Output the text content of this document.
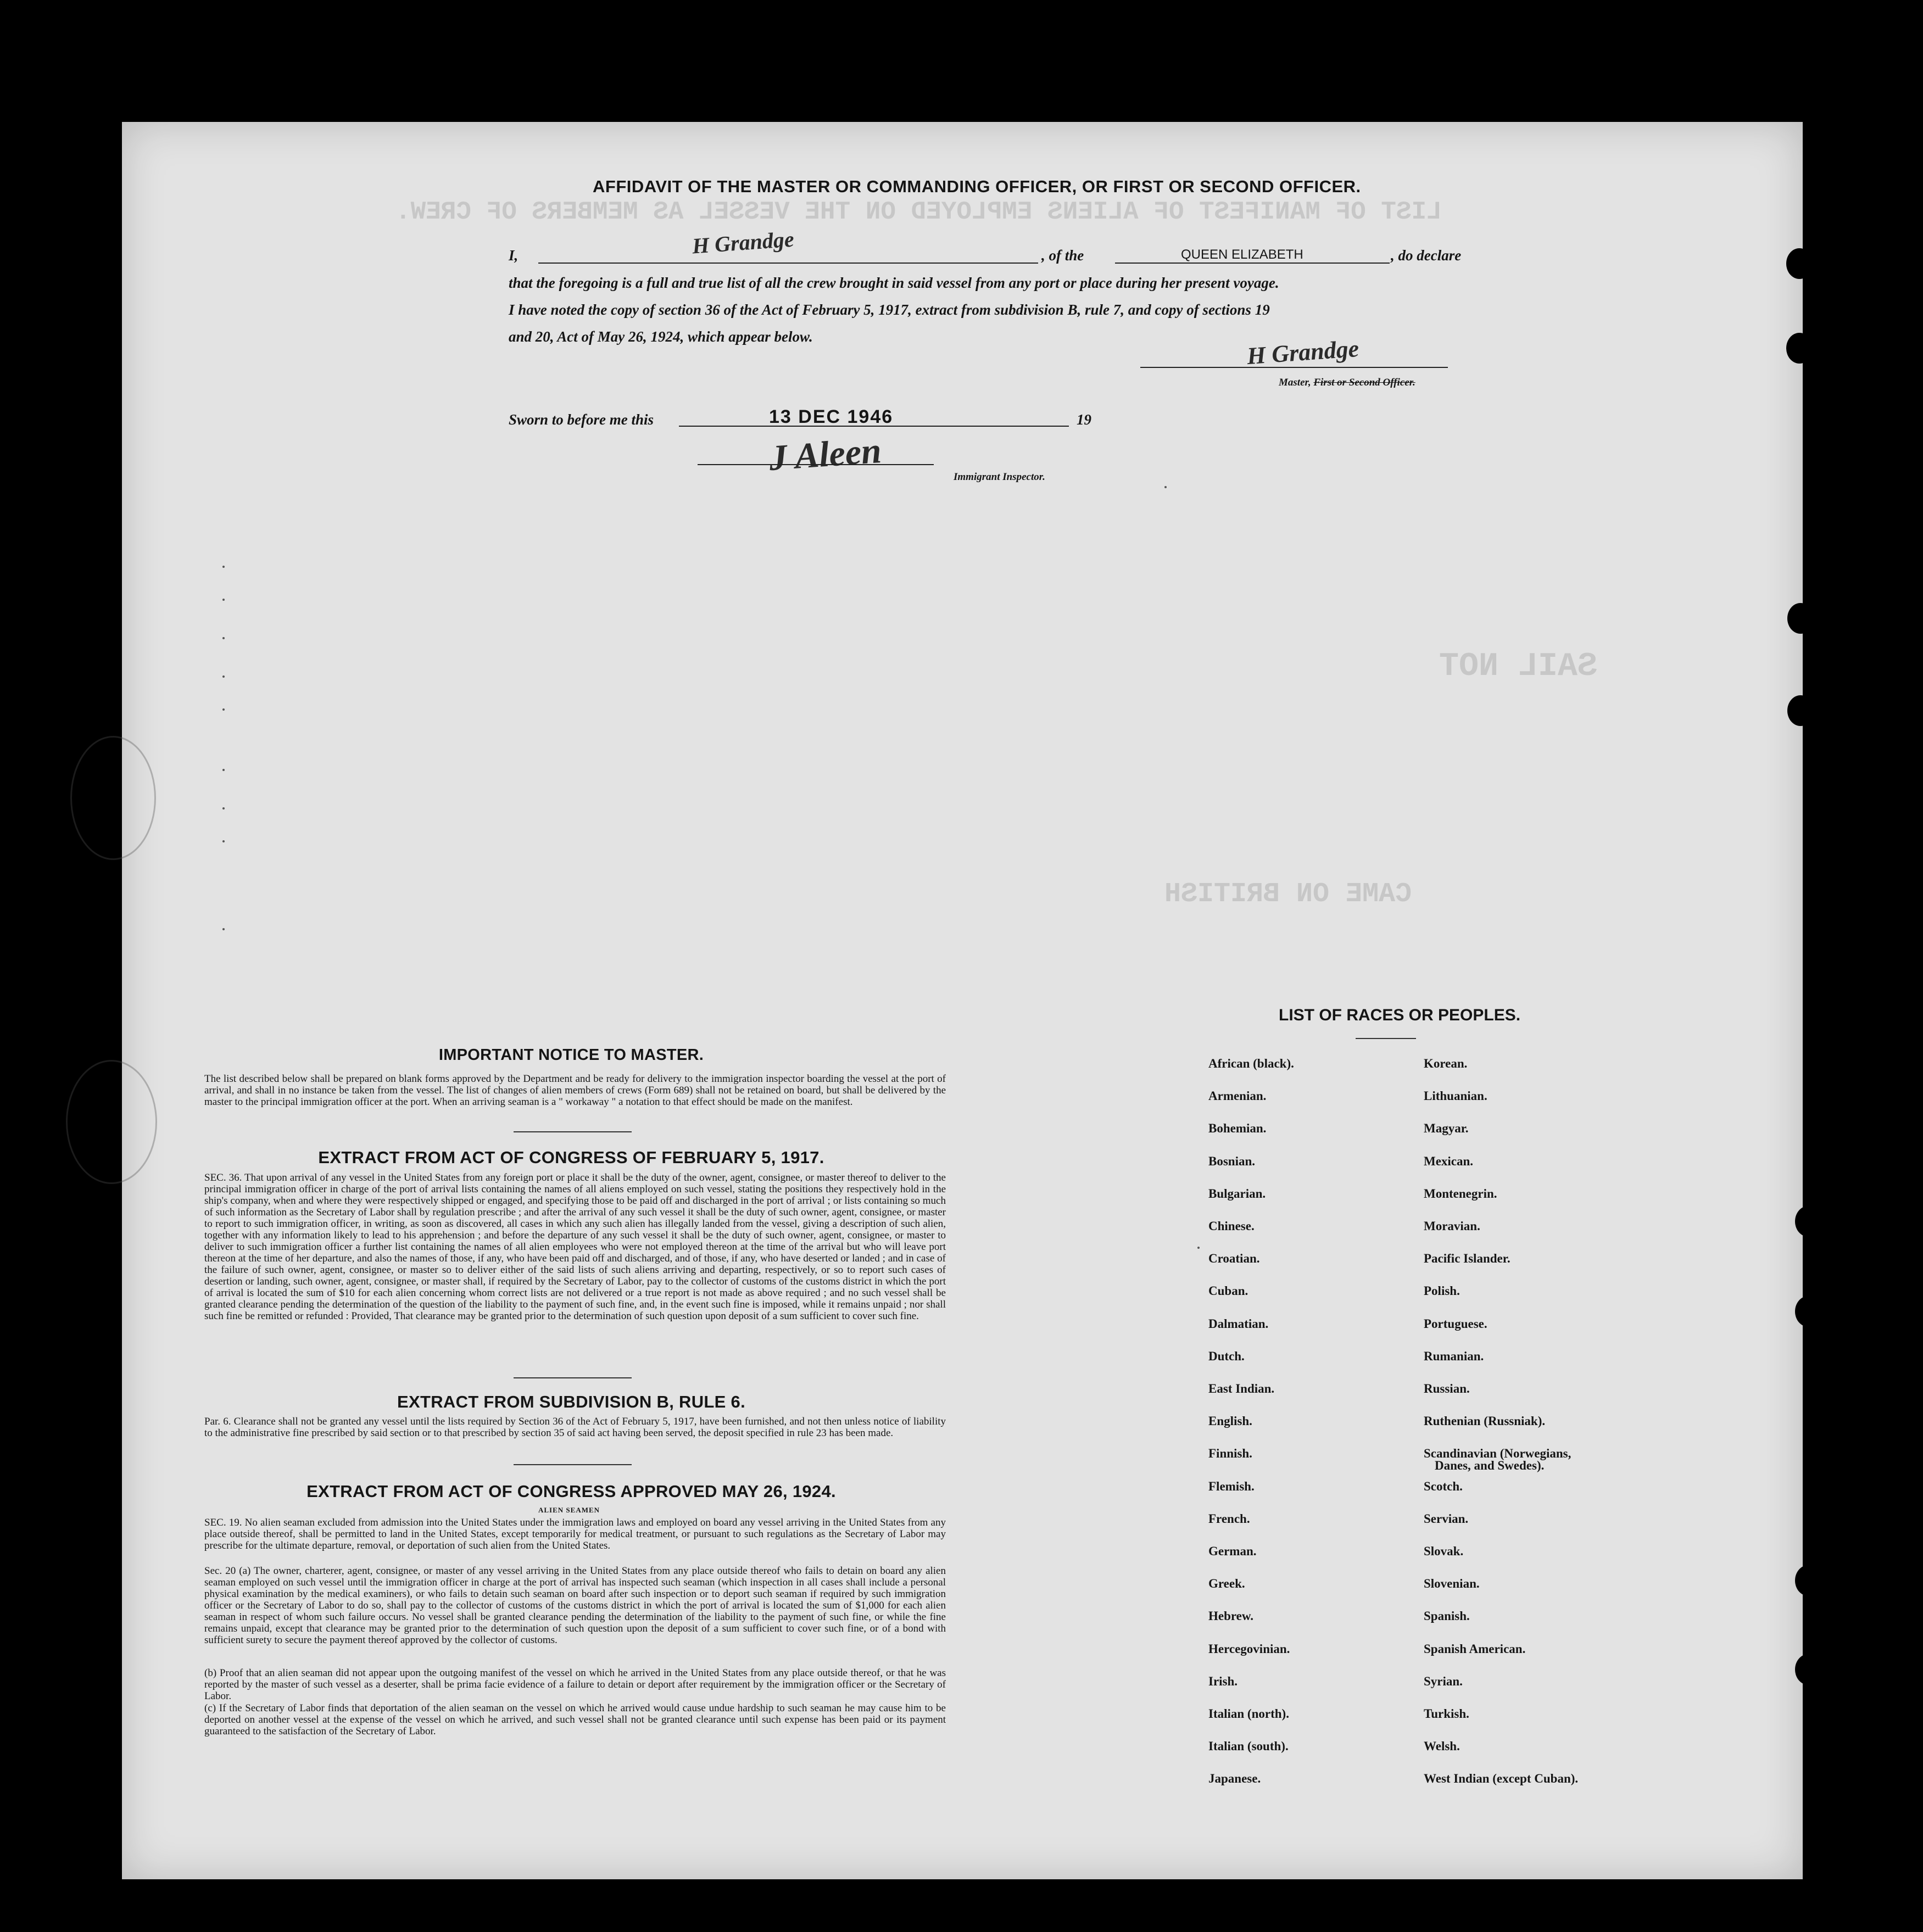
LIST OF MANIFEST OF ALIENS EMPLOYED ON THE VESSEL AS MEMBERS OF CREW.
SAIL NOT
CAME ON BRITISH
AFFIDAVIT OF THE MASTER OR COMMANDING OFFICER, OR FIRST OR SECOND OFFICER.
I,	H Grandge	, of the	QUEEN ELIZABETH	, do declare
that the foregoing is a full and true list of all the crew brought in said vessel from any port or place during her present voyage.
I have noted the copy of section 36 of the Act of February 5, 1917, extract from subdivision B, rule 7, and copy of sections 19
and 20, Act of May 26, 1924, which appear below.	H Grandge
Master, First or Second Officer.
Sworn to before me this	13 DEC 1946	19
J Aleen	Immigrant Inspector.
IMPORTANT NOTICE TO MASTER.
The list described below shall be prepared on blank forms approved by the Department and be ready for delivery to the immigration inspector boarding the vessel at the port of arrival, and shall in no instance be taken from the vessel. The list of changes of alien members of crews (Form 689) shall not be retained on board, but shall be delivered by the master to the principal immigration officer at the port. When an arriving seaman is a " workaway " a notation to that effect should be made on the manifest.
EXTRACT FROM ACT OF CONGRESS OF FEBRUARY 5, 1917.
SEC. 36. That upon arrival of any vessel in the United States from any foreign port or place it shall be the duty of the owner, agent, consignee, or master thereof to deliver to the principal immigration officer in charge of the port of arrival lists containing the names of all aliens employed on such vessel, stating the positions they respectively hold in the ship's company, when and where they were respectively shipped or engaged, and specifying those to be paid off and discharged in the port of arrival ; or lists containing so much of such information as the Secretary of Labor shall by regulation prescribe ; and after the arrival of any such vessel it shall be the duty of such owner, agent, consignee, or master to report to such immigration officer, in writing, as soon as discovered, all cases in which any such alien has illegally landed from the vessel, giving a description of such alien, together with any information likely to lead to his apprehension ; and before the departure of any such vessel it shall be the duty of such owner, agent, consignee, or master to deliver to such immigration officer a further list containing the names of all alien employees who were not employed thereon at the time of the arrival but who will leave port thereon at the time of her departure, and also the names of those, if any, who have been paid off and discharged, and of those, if any, who have deserted or landed ; and in case of the failure of such owner, agent, consignee, or master so to deliver either of the said lists of such aliens arriving and departing, respectively, or so to report such cases of desertion or landing, such owner, agent, consignee, or master shall, if required by the Secretary of Labor, pay to the collector of customs of the customs district in which the port of arrival is located the sum of $10 for each alien concerning whom correct lists are not delivered or a true report is not made as above required ; and no such vessel shall be granted clearance pending the determination of the question of the liability to the payment of such fine, and, in the event such fine is imposed, while it remains unpaid ; nor shall such fine be remitted or refunded : Provided, That clearance may be granted prior to the determination of such question upon deposit of a sum sufficient to cover such fine.
EXTRACT FROM SUBDIVISION B, RULE 6.
Par. 6. Clearance shall not be granted any vessel until the lists required by Section 36 of the Act of February 5, 1917, have been furnished, and not then unless notice of liability to the administrative fine prescribed by said section or to that prescribed by section 35 of said act having been served, the deposit specified in rule 23 has been made.
EXTRACT FROM ACT OF CONGRESS APPROVED MAY 26, 1924.
ALIEN SEAMEN
SEC. 19. No alien seaman excluded from admission into the United States under the immigration laws and employed on board any vessel arriving in the United States from any place outside thereof, shall be permitted to land in the United States, except temporarily for medical treatment, or pursuant to such regulations as the Secretary of Labor may prescribe for the ultimate departure, removal, or deportation of such alien from the United States.
Sec. 20 (a) The owner, charterer, agent, consignee, or master of any vessel arriving in the United States from any place outside thereof who fails to detain on board any alien seaman employed on such vessel until the immigration officer in charge at the port of arrival has inspected such seaman (which inspection in all cases shall include a personal physical examination by the medical examiners), or who fails to detain such seaman on board after such inspection or to deport such seaman if required by such immigration officer or the Secretary of Labor to do so, shall pay to the collector of customs of the customs district in which the port of arrival is located the sum of $1,000 for each alien seaman in respect of whom such failure occurs. No vessel shall be granted clearance pending the determination of the liability to the payment of such fine, or while the fine remains unpaid, except that clearance may be granted prior to the determination of such question upon the deposit of a sum sufficient to cover such fine, or of a bond with sufficient surety to secure the payment thereof approved by the collector of customs.
(b) Proof that an alien seaman did not appear upon the outgoing manifest of the vessel on which he arrived in the United States from any place outside thereof, or that he was reported by the master of such vessel as a deserter, shall be prima facie evidence of a failure to detain or deport after requirement by the immigration officer or the Secretary of Labor.
(c) If the Secretary of Labor finds that deportation of the alien seaman on the vessel on which he arrived would cause undue hardship to such seaman he may cause him to be deported on another vessel at the expense of the vessel on which he arrived, and such vessel shall not be granted clearance until such expense has been paid or its payment guaranteed to the satisfaction of the Secretary of Labor.
LIST OF RACES OR PEOPLES.
African (black).
Armenian.
Bohemian.
Bosnian.
Bulgarian.
Chinese.
Croatian.
Cuban.
Dalmatian.
Dutch.
East Indian.
English.
Finnish.
Flemish.
French.
German.
Greek.
Hebrew.
Hercegovinian.
Irish.
Italian (north).
Italian (south).
Japanese.
Korean.
Lithuanian.
Magyar.
Mexican.
Montenegrin.
Moravian.
Pacific Islander.
Polish.
Portuguese.
Rumanian.
Russian.
Ruthenian (Russniak).
Scandinavian (Norwegians,
Scotch.
Servian.
Slovak.
Slovenian.
Spanish.
Spanish American.
Syrian.
Turkish.
Welsh.
West Indian (except Cuban).
Danes, and Swedes).
